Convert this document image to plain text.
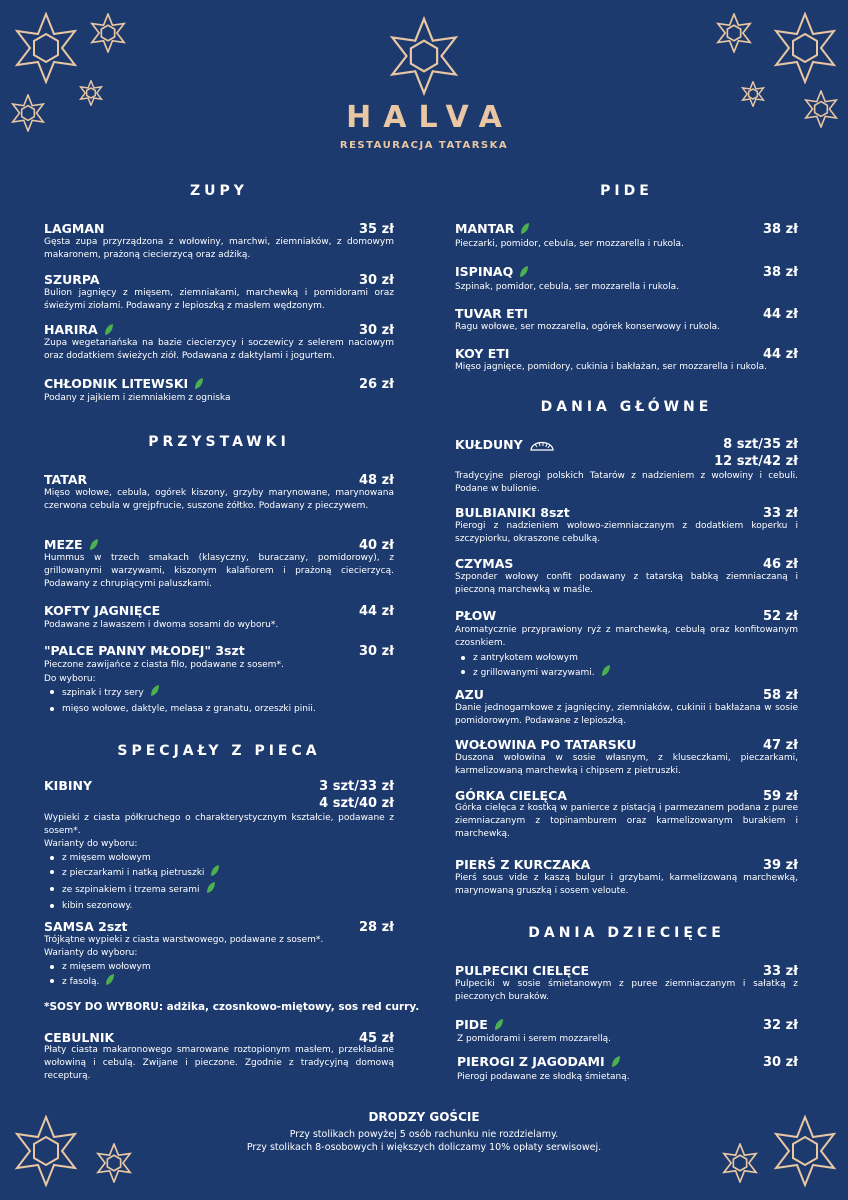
HALVA
RESTAURACJA TATARSKA
ZUPY
LAGMAN	35 zł
Gęsta zupa przyrządzona z wołowiny, marchwi, ziemniaków, z domowym makaronem, prażoną ciecierzycą oraz adżiką.
SZURPA	30 zł
Bulion jagnięcy z mięsem, ziemniakami, marchewką i pomidorami oraz świeżymi ziołami. Podawany z lepioszką z masłem wędzonym.
HARIRA	30 zł
Zupa wegetariańska na bazie ciecierzycy i soczewicy z selerem naciowym oraz dodatkiem świeżych ziół. Podawana z daktylami i jogurtem.
CHŁODNIK LITEWSKI	26 zł
Podany z jajkiem i ziemniakiem z ogniska
PRZYSTAWKI
TATAR	48 zł
Mięso wołowe, cebula, ogórek kiszony, grzyby marynowane, marynowana czerwona cebula w grejpfrucie, suszone żółtko. Podawany z pieczywem.
MEZE	40 zł
Hummus w trzech smakach (klasyczny, buraczany, pomidorowy), z grillowanymi warzywami, kiszonym kalafiorem i prażoną ciecierzycą. Podawany z chrupiącymi paluszkami.
KOFTY JAGNIĘCE	44 zł
Podawane z lawaszem i dwoma sosami do wyboru*.
"PALCE PANNY MŁODEJ" 3szt	30 zł
Pieczone zawijańce z ciasta filo, podawane z sosem*.
Do wyboru:
szpinak i trzy sery
mięso wołowe, daktyle, melasa z granatu, orzeszki pinii.
SPECJAŁY Z PIECA
KIBINY	3 szt/33 zł
4 szt/40 zł
Wypieki z ciasta półkruchego o charakterystycznym kształcie, podawane z sosem*.
Warianty do wyboru:
z mięsem wołowym
z pieczarkami i natką pietruszki
ze szpinakiem i trzema serami
kibin sezonowy.
SAMSA 2szt	28 zł
Trójkątne wypieki z ciasta warstwowego, podawane z sosem*.
Warianty do wyboru:
z mięsem wołowym
z fasolą.
*SOSY DO WYBORU: adżika, czosnkowo-miętowy, sos red curry.
CEBULNIK	45 zł
Płaty ciasta makaronowego smarowane roztopionym masłem, przekładane wołowiną i cebulą. Zwijane i pieczone. Zgodnie z tradycyjną domową recepturą.
PIDE
MANTAR	38 zł
Pieczarki, pomidor, cebula, ser mozzarella i rukola.
ISPINAQ	38 zł
Szpinak, pomidor, cebula, ser mozzarella i rukola.
TUVAR ETI	44 zł
Ragu wołowe, ser mozzarella, ogórek konserwowy i rukola.
KOY ETI	44 zł
Mięso jagnięce, pomidory, cukinia i bakłażan, ser mozzarella i rukola.
DANIA GŁÓWNE
KUŁDUNY	8 szt/35 zł
12 szt/42 zł
Tradycyjne pierogi polskich Tatarów z nadzieniem z wołowiny i cebuli. Podane w bulionie.
BULBIANIKI 8szt	33 zł
Pierogi z nadzieniem wołowo-ziemniaczanym z dodatkiem koperku i szczypiorku, okraszone cebulką.
CZYMAS	46 zł
Szponder wołowy confit podawany z tatarską babką ziemniaczaną i pieczoną marchewką w maśle.
PŁOW	52 zł
Aromatycznie przyprawiony ryż z marchewką, cebulą oraz konfitowanym czosnkiem.
z antrykotem wołowym
z grillowanymi warzywami.
AZU	58 zł
Danie jednogarnkowe z jagnięciny, ziemniaków, cukinii i bakłażana w sosie pomidorowym. Podawane z lepioszką.
WOŁOWINA PO TATARSKU	47 zł
Duszona wołowina w sosie własnym, z kluseczkami, pieczarkami, karmelizowaną marchewką i chipsem z pietruszki.
GÓRKA CIELĘCA	59 zł
Górka cielęca z kostką w panierce z pistacją i parmezanem podana z puree ziemniaczanym z topinamburem oraz karmelizowanym burakiem i marchewką.
PIERŚ Z KURCZAKA	39 zł
Pierś sous vide z kaszą bulgur i grzybami, karmelizowaną marchewką, marynowaną gruszką i sosem veloute.
DANIA DZIECIĘCE
PULPECIKI CIELĘCE	33 zł
Pulpeciki w sosie śmietanowym z puree ziemniaczanym i sałatką z pieczonych buraków.
PIDE	32 zł
Z pomidorami i serem mozzarellą.
PIEROGI Z JAGODAMI	30 zł
Pierogi podawane ze słodką śmietaną.
DRODZY GOŚCIE
Przy stolikach powyżej 5 osób rachunku nie rozdzielamy.
Przy stolikach 8-osobowych i większych doliczamy 10% opłaty serwisowej.
